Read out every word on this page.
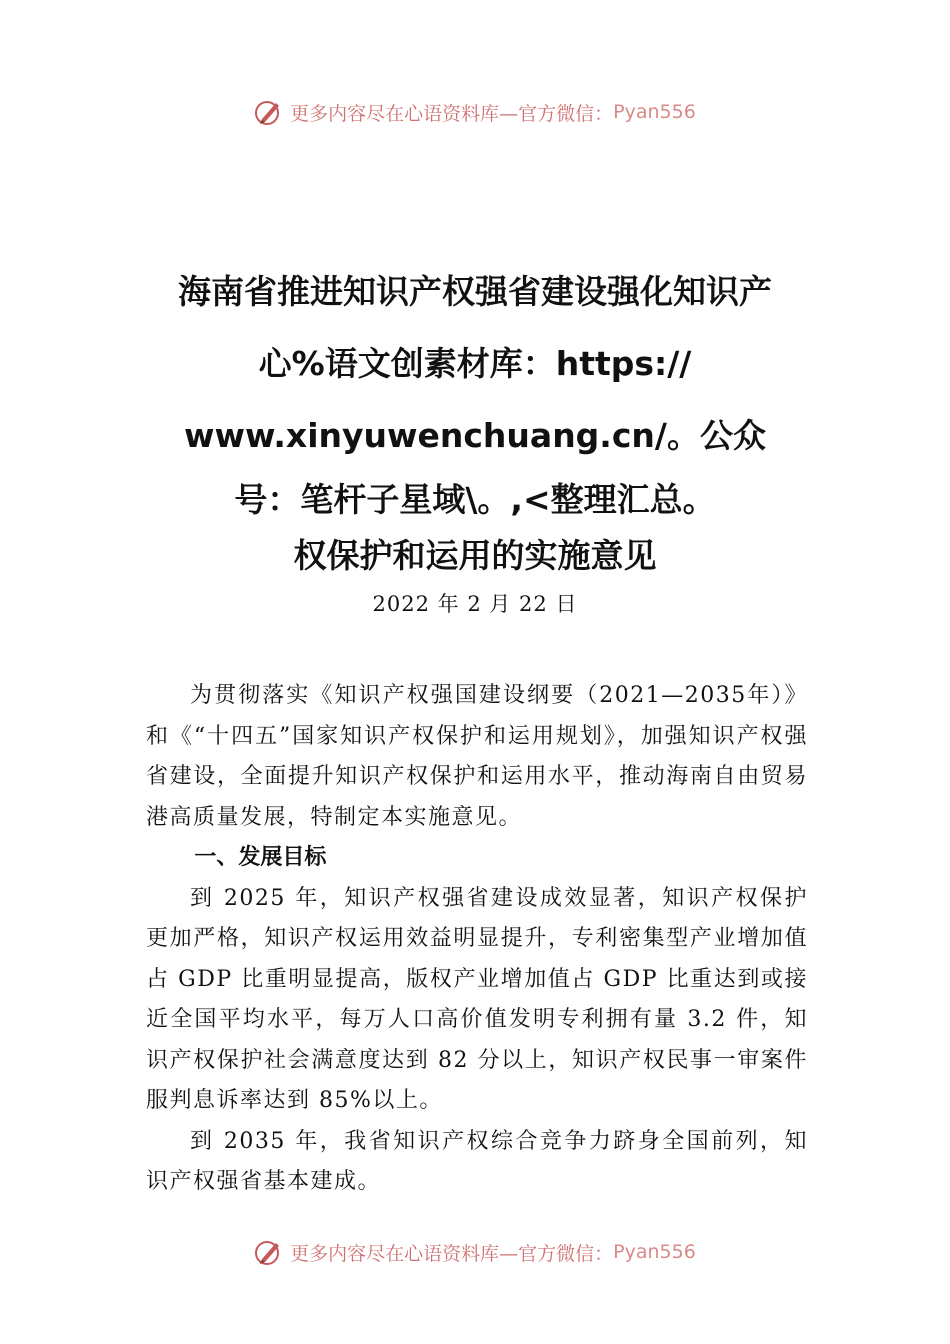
更多内容尽在心语资料库—官方微信： Pyan556
海南省推进知识产权强省建设强化知识产
心%语文创素材库：https://
www.xinyuwenchuang.cn/。公众
号：笔杆子星域\。,<整理汇总。
权保护和运用的实施意见
2022 年 2 月 22 日

为贯彻落实《知识产权强国建设纲要（2021—2035年）》和《“十四五”国家知识产权保护和运用规划》，加强知识产权强省建设，全面提升知识产权保护和运用水平，推动海南自由贸易港高质量发展，特制定本实施意见。

一、发展目标

到 2025 年，知识产权强省建设成效显著，知识产权保护更加严格，知识产权运用效益明显提升，专利密集型产业增加值占 GDP 比重明显提高，版权产业增加值占 GDP 比重达到或接近全国平均水平，每万人口高价值发明专利拥有量 3.2 件，知识产权保护社会满意度达到 82 分以上，知识产权民事一审案件服判息诉率达到 85%以上。

到 2035 年，我省知识产权综合竞争力跻身全国前列，知识产权强省基本建成。

更多内容尽在心语资料库—官方微信： Pyan556
